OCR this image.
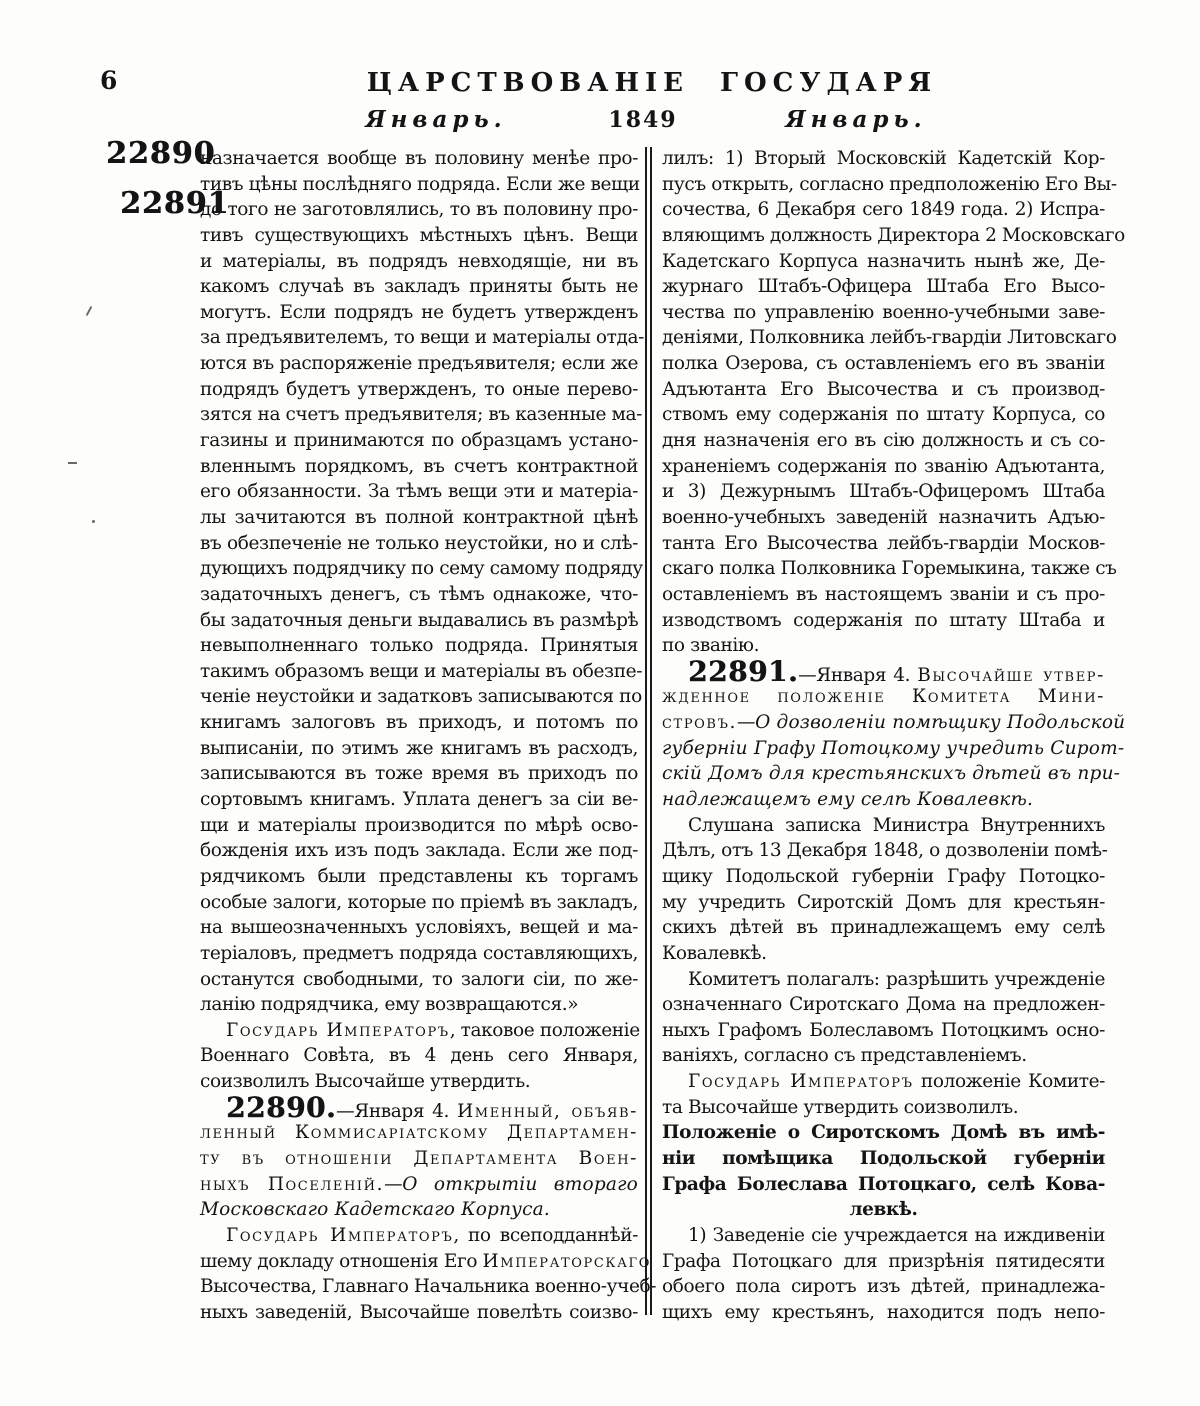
6	ЦАРСТВОВАНІЕ ГОСУДАРЯ
Январь.	1849	Январь.
22890
22891
назначается вообще въ половину менѣе про-
тивъ цѣны послѣдняго подряда. Если же вещи
до того не заготовлялись, то въ половину про-
тивъ существующихъ мѣстныхъ цѣнъ. Вещи
и матеріалы, въ подрядъ невходящіе, ни въ
какомъ случаѣ въ закладъ приняты быть не
могутъ. Если подрядъ не будетъ утвержденъ
за предъявителемъ, то вещи и матеріалы отда-
ются въ распоряженіе предъявителя; если же
подрядъ будетъ утвержденъ, то оные перево-
зятся на счетъ предъявителя; въ казенные ма-
газины и принимаются по образцамъ устано-
вленнымъ порядкомъ, въ счетъ контрактной
его обязанности. За тѣмъ вещи эти и матеріа-
лы зачитаются въ полной контрактной цѣнѣ
въ обезпеченіе не только неустойки, но и слѣ-
дующихъ подрядчику по сему самому подряду
задаточныхъ денегъ, съ тѣмъ однакоже, что-
бы задаточныя деньги выдавались въ размѣрѣ
невыполненнаго только подряда. Принятыя
такимъ образомъ вещи и матеріалы въ обезпе-
ченіе неустойки и задатковъ записываются по
книгамъ залоговъ въ приходъ, и потомъ по
выписаніи, по этимъ же книгамъ въ расходъ,
записываются въ тоже время въ приходъ по
сортовымъ книгамъ. Уплата денегъ за сіи ве-
щи и матеріалы производится по мѣрѣ осво-
божденія ихъ изъ подъ заклада. Если же под-
рядчикомъ были представлены къ торгамъ
особые залоги, которые по пріемѣ въ закладъ,
на вышеозначенныхъ условіяхъ, вещей и ма-
теріаловъ, предметъ подряда составляющихъ,
останутся свободными, то залоги сіи, по же-
ланію подрядчика, ему возвращаются.»
Государь Императоръ, таковое положеніе
Военнаго Совѣта, въ 4 день сего Января,
соизволилъ Высочайше утвердить.
22890.—Января 4. Именный, объяв-
ленный Коммисаріатскому Департамен-
ту въ отношеніи Департамента Воен-
ныхъ Поселеній.—О открытіи втораго
Московскаго Кадетскаго Корпуса.
Государь Императоръ, по всеподданнѣй-
шему докладу отношенія Его Императорскаго
Высочества, Главнаго Начальника военно-учеб-
ныхъ заведеній, Высочайше повелѣть соизво-
лилъ: 1) Вторый Московскій Кадетскій Кор-
пусъ открыть, согласно предположенію Его Вы-
сочества, 6 Декабря сего 1849 года. 2) Испра-
вляющимъ должность Директора 2 Московскаго
Кадетскаго Корпуса назначить нынѣ же, Де-
журнаго Штабъ-Офицера Штаба Его Высо-
чества по управленію военно-учебными заве-
деніями, Полковника лейбъ-гвардіи Литовскаго
полка Озерова, съ оставленіемъ его въ званіи
Адъютанта Его Высочества и съ производ-
ствомъ ему содержанія по штату Корпуса, со
дня назначенія его въ сію должность и съ со-
храненіемъ содержанія по званію Адъютанта,
и 3) Дежурнымъ Штабъ-Офицеромъ Штаба
военно-учебныхъ заведеній назначить Адъю-
танта Его Высочества лейбъ-гвардіи Москов-
скаго полка Полковника Горемыкина, также съ
оставленіемъ въ настоящемъ званіи и съ про-
изводствомъ содержанія по штату Штаба и
по званію.
22891.—Января 4. Высочайше утвер-
жденное положеніе Комитета Мини-
стровъ.—О дозволеніи помѣщику Подольской
губерніи Графу Потоцкому учредить Сирот-
скій Домъ для крестьянскихъ дѣтей въ при-
надлежащемъ ему селѣ Ковалевкѣ.
Слушана записка Министра Внутреннихъ
Дѣлъ, отъ 13 Декабря 1848, о дозволеніи помѣ-
щику Подольской губерніи Графу Потоцко-
му учредить Сиротскій Домъ для крестьян-
скихъ дѣтей въ принадлежащемъ ему селѣ
Ковалевкѣ.
Комитетъ полагалъ: разрѣшить учрежденіе
означеннаго Сиротскаго Дома на предложен-
ныхъ Графомъ Болеславомъ Потоцкимъ осно-
ваніяхъ, согласно съ представленіемъ.
Государь Императоръ положеніе Комите-
та Высочайше утвердить соизволилъ.
Положеніе о Сиротскомъ Домѣ въ имѣ-
ніи помѣщика Подольской губерніи
Графа Болеслава Потоцкаго, селѣ Кова-
левкѣ.
1) Заведеніе сіе учреждается на иждивеніи
Графа Потоцкаго для призрѣнія пятидесяти
обоего пола сиротъ изъ дѣтей, принадлежа-
щихъ ему крестьянъ, находится подъ непо-
